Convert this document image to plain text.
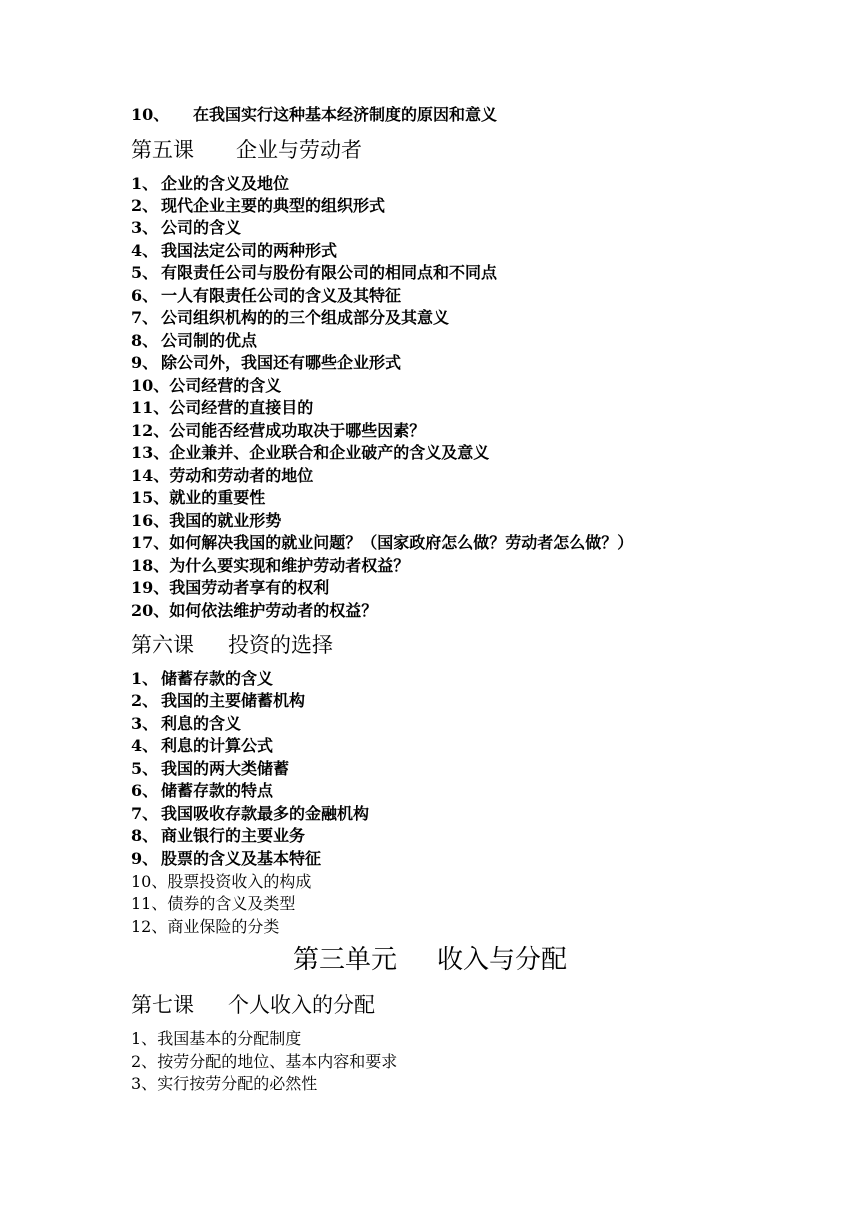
10、 在我国实行这种基本经济制度的原因和意义
第五课 企业与劳动者
1、 企业的含义及地位
2、 现代企业主要的典型的组织形式
3、 公司的含义
4、 我国法定公司的两种形式
5、 有限责任公司与股份有限公司的相同点和不同点
6、 一人有限责任公司的含义及其特征
7、 公司组织机构的的三个组成部分及其意义
8、 公司制的优点
9、 除公司外，我国还有哪些企业形式
10、公司经营的含义
11、公司经营的直接目的
12、公司能否经营成功取决于哪些因素？
13、企业兼并、企业联合和企业破产的含义及意义
14、劳动和劳动者的地位
15、就业的重要性
16、我国的就业形势
17、如何解决我国的就业问题？（国家政府怎么做？劳动者怎么做？）
18、为什么要实现和维护劳动者权益？
19、我国劳动者享有的权利
20、如何依法维护劳动者的权益？
第六课 投资的选择
1、 储蓄存款的含义
2、 我国的主要储蓄机构
3、 利息的含义
4、 利息的计算公式
5、 我国的两大类储蓄
6、 储蓄存款的特点
7、 我国吸收存款最多的金融机构
8、 商业银行的主要业务
9、 股票的含义及基本特征
10、股票投资收入的构成
11、债券的含义及类型
12、商业保险的分类
第三单元 收入与分配
第七课 个人收入的分配
1、我国基本的分配制度
2、按劳分配的地位、基本内容和要求
3、实行按劳分配的必然性
